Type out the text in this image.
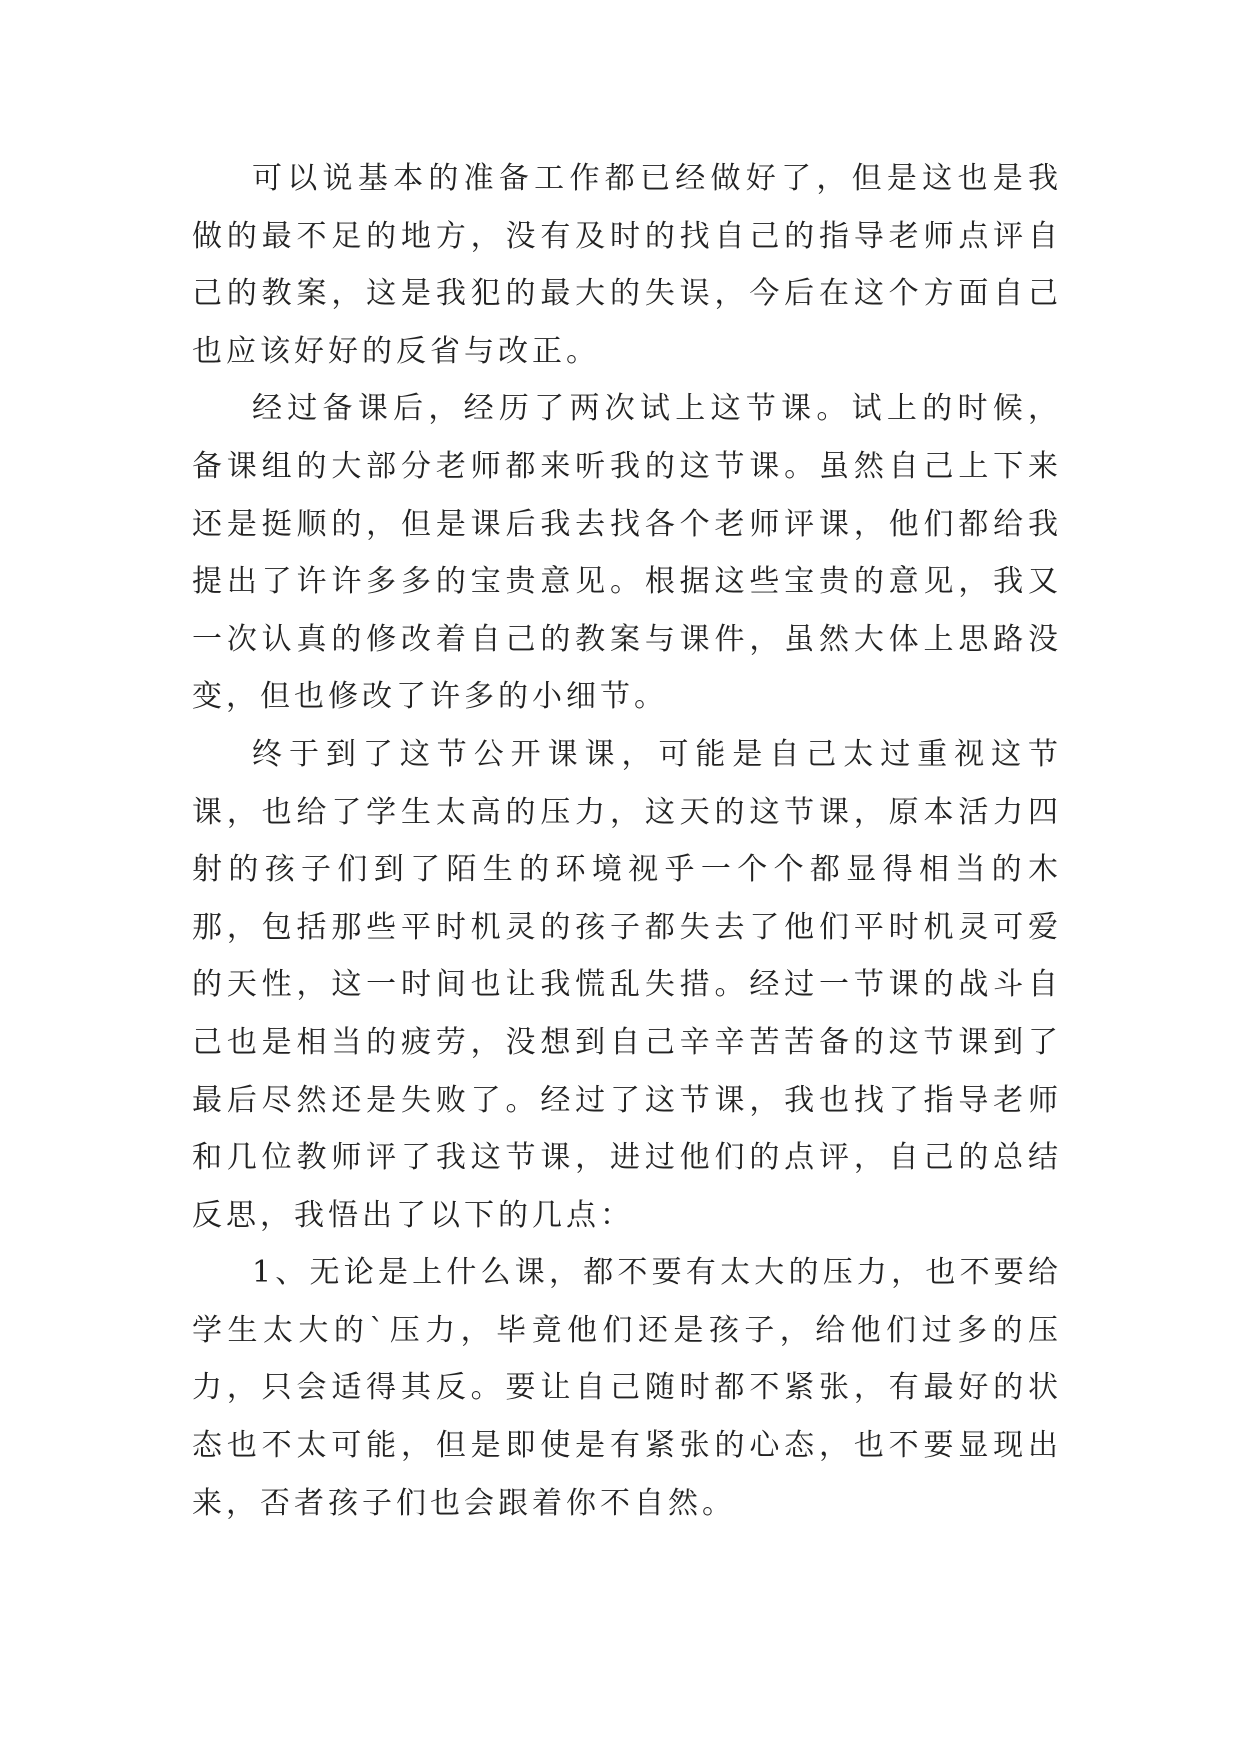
可以说基本的准备工作都已经做好了，但是这也是我做的最不足的地方，没有及时的找自己的指导老师点评自己的教案，这是我犯的最大的失误，今后在这个方面自己也应该好好的反省与改正。

经过备课后，经历了两次试上这节课。试上的时候，备课组的大部分老师都来听我的这节课。虽然自己上下来还是挺顺的，但是课后我去找各个老师评课，他们都给我提出了许许多多的宝贵意见。根据这些宝贵的意见，我又一次认真的修改着自己的教案与课件，虽然大体上思路没变，但也修改了许多的小细节。

终于到了这节公开课课，可能是自己太过重视这节课，也给了学生太高的压力，这天的这节课，原本活力四射的孩子们到了陌生的环境视乎一个个都显得相当的木那，包括那些平时机灵的孩子都失去了他们平时机灵可爱的天性，这一时间也让我慌乱失措。经过一节课的战斗自己也是相当的疲劳，没想到自己辛辛苦苦备的这节课到了最后尽然还是失败了。经过了这节课，我也找了指导老师和几位教师评了我这节课，进过他们的点评，自己的总结反思，我悟出了以下的几点：

1、无论是上什么课，都不要有太大的压力，也不要给学生太大的`压力，毕竟他们还是孩子，给他们过多的压力，只会适得其反。要让自己随时都不紧张，有最好的状态也不太可能，但是即使是有紧张的心态，也不要显现出来，否者孩子们也会跟着你不自然。
